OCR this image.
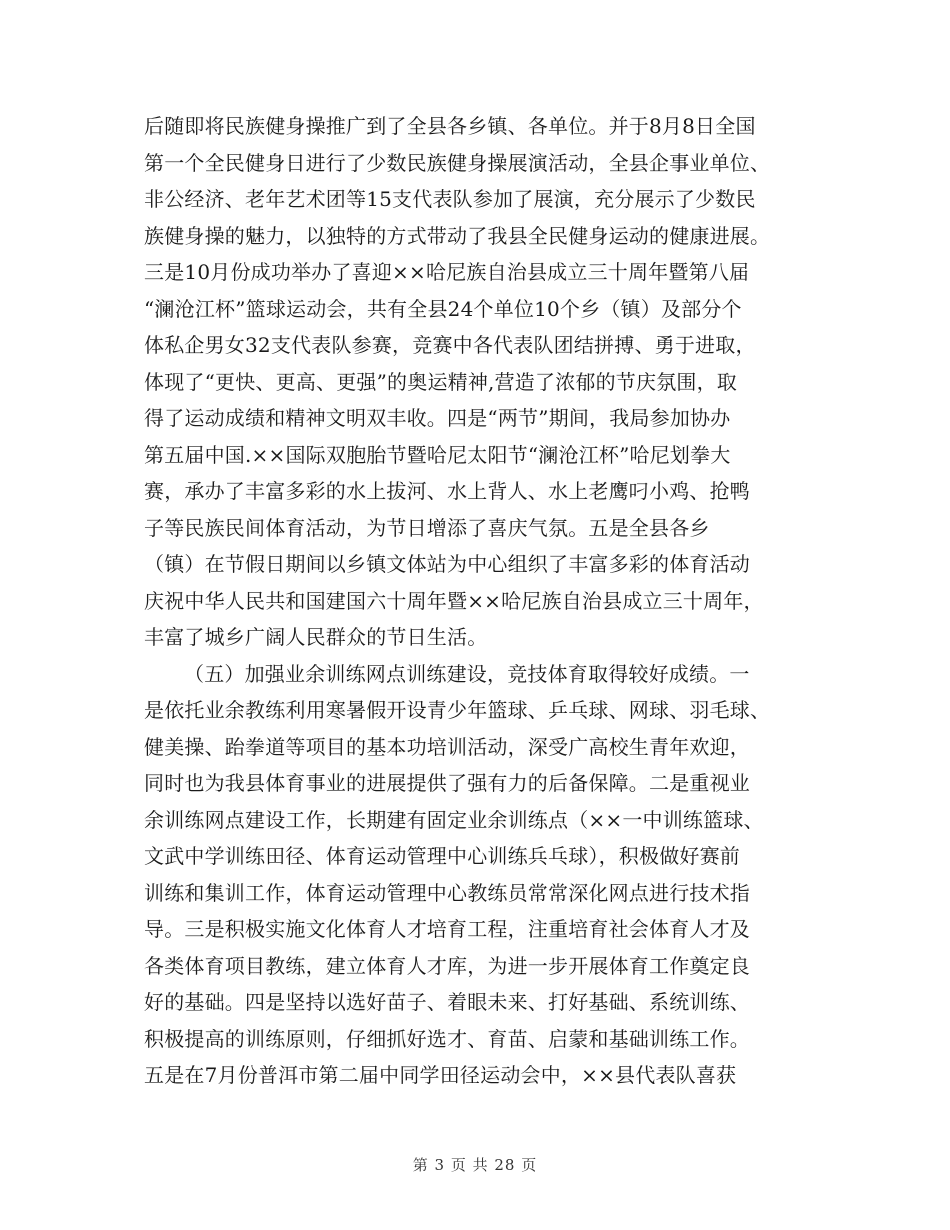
后随即将民族健身操推广到了全县各乡镇、各单位。并于8月8日全国
第一个全民健身日进行了少数民族健身操展演活动，全县企事业单位、
非公经济、老年艺术团等15支代表队参加了展演，充分展示了少数民
族健身操的魅力，以独特的方式带动了我县全民健身运动的健康进展。
三是10月份成功举办了喜迎××哈尼族自治县成立三十周年暨第八届
“澜沧江杯”篮球运动会，共有全县24个单位10个乡（镇）及部分个
体私企男女32支代表队参赛，竞赛中各代表队团结拼搏、勇于进取，
体现了“更快、更高、更强”的奥运精神,营造了浓郁的节庆氛围，取
得了运动成绩和精神文明双丰收。四是“两节”期间，我局参加协办
第五届中国.××国际双胞胎节暨哈尼太阳节“澜沧江杯”哈尼划拳大
赛，承办了丰富多彩的水上拔河、水上背人、水上老鹰叼小鸡、抢鸭
子等民族民间体育活动，为节日增添了喜庆气氛。五是全县各乡
（镇）在节假日期间以乡镇文体站为中心组织了丰富多彩的体育活动
庆祝中华人民共和国建国六十周年暨××哈尼族自治县成立三十周年，
丰富了城乡广阔人民群众的节日生活。
（五）加强业余训练网点训练建设，竞技体育取得较好成绩。一
是依托业余教练利用寒暑假开设青少年篮球、乒乓球、网球、羽毛球、
健美操、跆拳道等项目的基本功培训活动，深受广高校生青年欢迎，
同时也为我县体育事业的进展提供了强有力的后备保障。二是重视业
余训练网点建设工作，长期建有固定业余训练点（××一中训练篮球、
文武中学训练田径、体育运动管理中心训练兵乓球），积极做好赛前
训练和集训工作，体育运动管理中心教练员常常深化网点进行技术指
导。三是积极实施文化体育人才培育工程，注重培育社会体育人才及
各类体育项目教练，建立体育人才库，为进一步开展体育工作奠定良
好的基础。四是坚持以选好苗子、着眼未来、打好基础、系统训练、
积极提高的训练原则，仔细抓好选才、育苗、启蒙和基础训练工作。
五是在7月份普洱市第二届中同学田径运动会中，××县代表队喜获
第 3 页 共 28 页
